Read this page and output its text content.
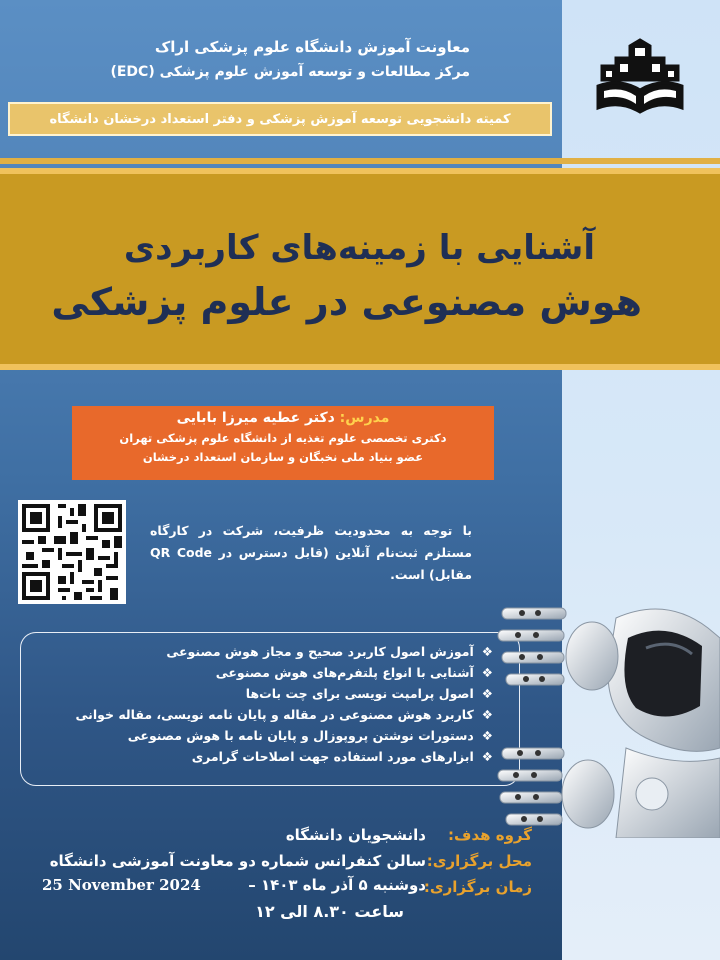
معاونت آموزش دانشگاه علوم پزشکی اراک
مرکز مطالعات و توسعه آموزش علوم پزشکی (EDC)
کمیته دانشجویی توسعه آموزش پزشکی و دفتر استعداد درخشان دانشگاه
آشنایی با زمینه‌های کاربردی
هوش مصنوعی در علوم پزشکی
مدرس: دکتر عطیه میرزا بابایی
دکتری تخصصی علوم تغذیه از دانشگاه علوم پزشکی تهران
عضو بنیاد ملی نخبگان و سازمان استعداد درخشان
با توجه به محدودیت ظرفیت، شرکت در کارگاه مستلزم ثبت‌نام آنلاین (قابل دسترس در QR Code مقابل) است.
❖آموزش اصول کاربرد صحیح و مجاز هوش مصنوعی
❖آشنایی با انواع پلتفرم‌های هوش مصنوعی
❖اصول پرامپت نویسی برای چت بات‌ها
❖کاربرد هوش مصنوعی در مقاله و پایان نامه نویسی، مقاله خوانی
❖دستورات نوشتن پروپوزال و پایان نامه با هوش مصنوعی
❖ابزارهای مورد استفاده جهت اصلاحات گرامری
گروه هدف:
دانشجویان دانشگاه
محل برگزاری:
سالن کنفرانس شماره دو معاونت آموزشی دانشگاه
زمان برگزاری:
دوشنبه ۵ آذر ماه ۱۴۰۳ –
25 November 2024
ساعت ۸.۳۰ الی ۱۲
